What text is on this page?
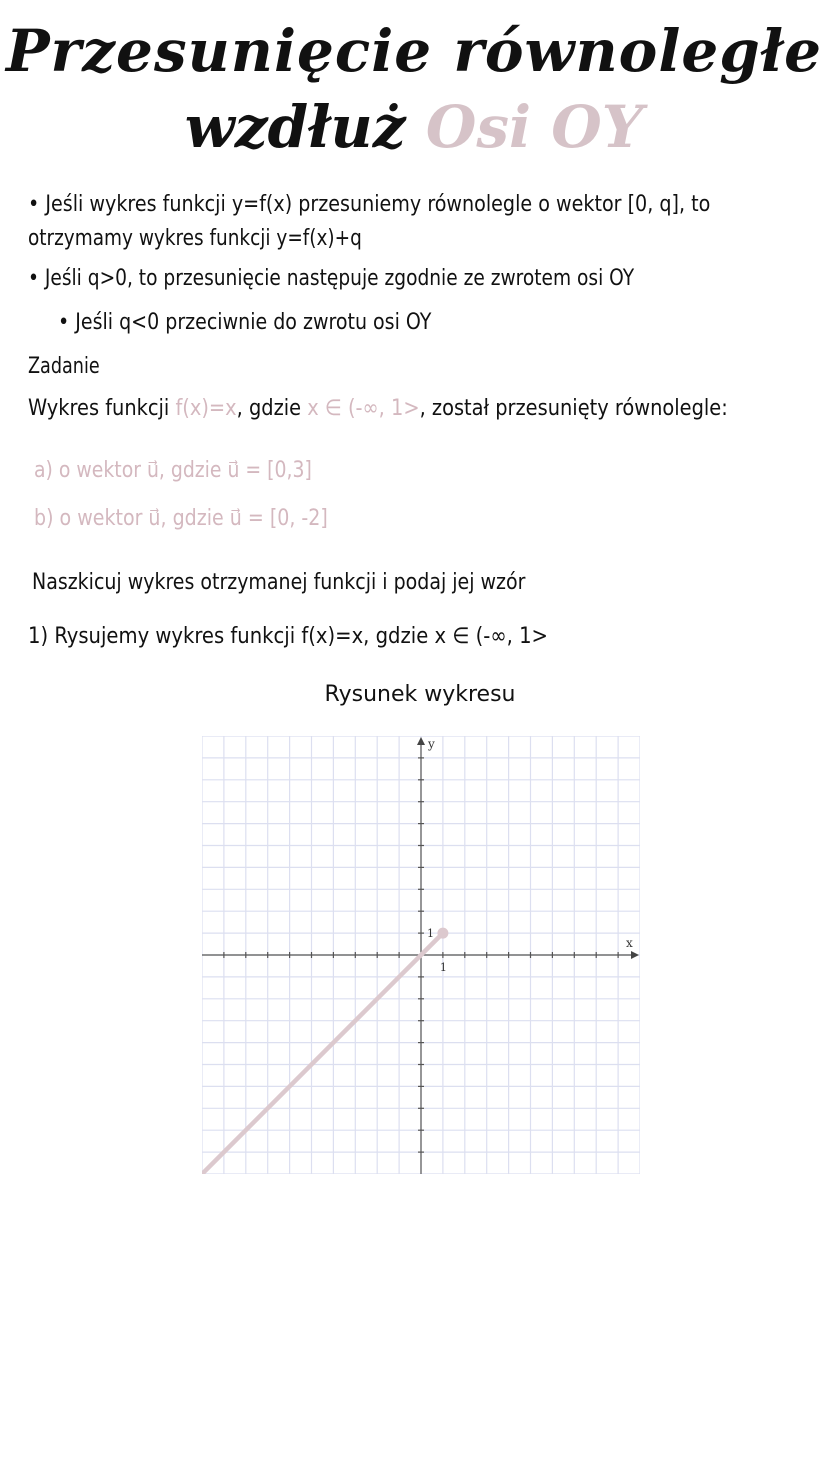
Przesunięcie równoległe
wzdłuż Osi OY
• Jeśli wykres funkcji y=f(x) przesuniemy równolegle o wektor [0, q], to
otrzymamy wykres funkcji y=f(x)+q
• Jeśli q>0, to przesunięcie następuje zgodnie ze zwrotem osi OY
• Jeśli q<0 przeciwnie do zwrotu osi OY
Zadanie
Wykres funkcji f(x)=x, gdzie x ∈ (-∞, 1>, został przesunięty równolegle:
a) o wektor u⃗, gdzie u⃗ = [0,3]
b) o wektor u⃗, gdzie u⃗ = [0, -2]
Naszkicuj wykres otrzymanej funkcji i podaj jej wzór
1) Rysujemy wykres funkcji f(x)=x, gdzie x ∈ (-∞, 1>
Rysunek wykresu
x
y
1
1
